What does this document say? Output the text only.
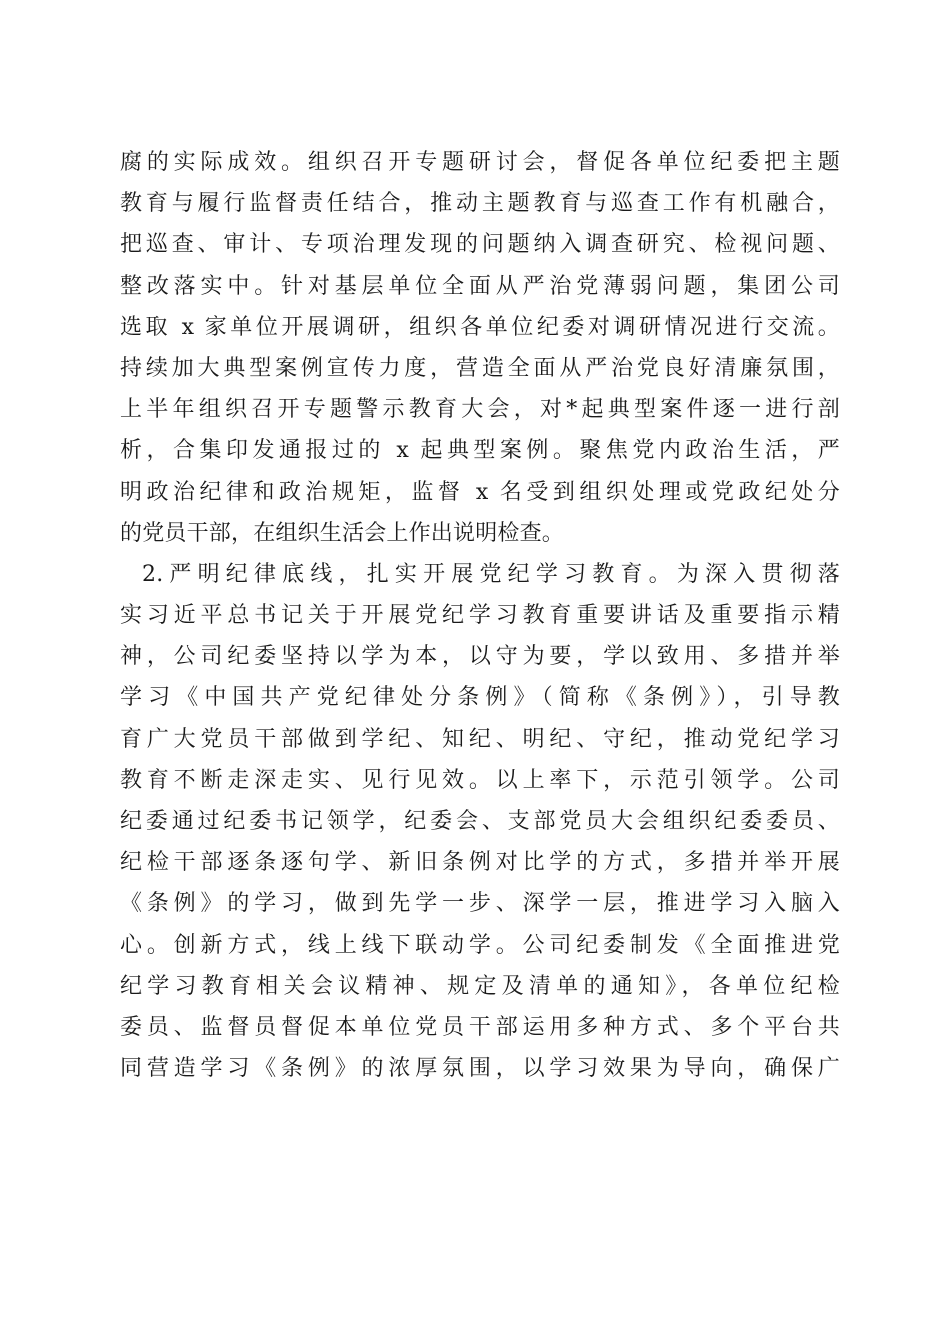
腐的实际成效。组织召开专题研讨会，督促各单位纪委把主题
教育与履行监督责任结合，推动主题教育与巡查工作有机融合，
把巡查、审计、专项治理发现的问题纳入调查研究、检视问题、
整改落实中。针对基层单位全面从严治党薄弱问题，集团公司
选取 x 家单位开展调研，组织各单位纪委对调研情况进行交流。
持续加大典型案例宣传力度，营造全面从严治党良好清廉氛围，
上半年组织召开专题警示教育大会，对*起典型案件逐一进行剖
析，合集印发通报过的 x 起典型案例。聚焦党内政治生活，严
明政治纪律和政治规矩，监督 x 名受到组织处理或党政纪处分
的党员干部，在组织生活会上作出说明检查。
2.严明纪律底线，扎实开展党纪学习教育。为深入贯彻落
实习近平总书记关于开展党纪学习教育重要讲话及重要指示精
神，公司纪委坚持以学为本，以守为要，学以致用、多措并举
学习《中国共产党纪律处分条例》（简称《条例》），引导教
育广大党员干部做到学纪、知纪、明纪、守纪，推动党纪学习
教育不断走深走实、见行见效。以上率下，示范引领学。公司
纪委通过纪委书记领学，纪委会、支部党员大会组织纪委委员、
纪检干部逐条逐句学、新旧条例对比学的方式，多措并举开展
《条例》的学习，做到先学一步、深学一层，推进学习入脑入
心。创新方式，线上线下联动学。公司纪委制发《全面推进党
纪学习教育相关会议精神、规定及清单的通知》，各单位纪检
委员、监督员督促本单位党员干部运用多种方式、多个平台共
同营造学习《条例》的浓厚氛围，以学习效果为导向，确保广
